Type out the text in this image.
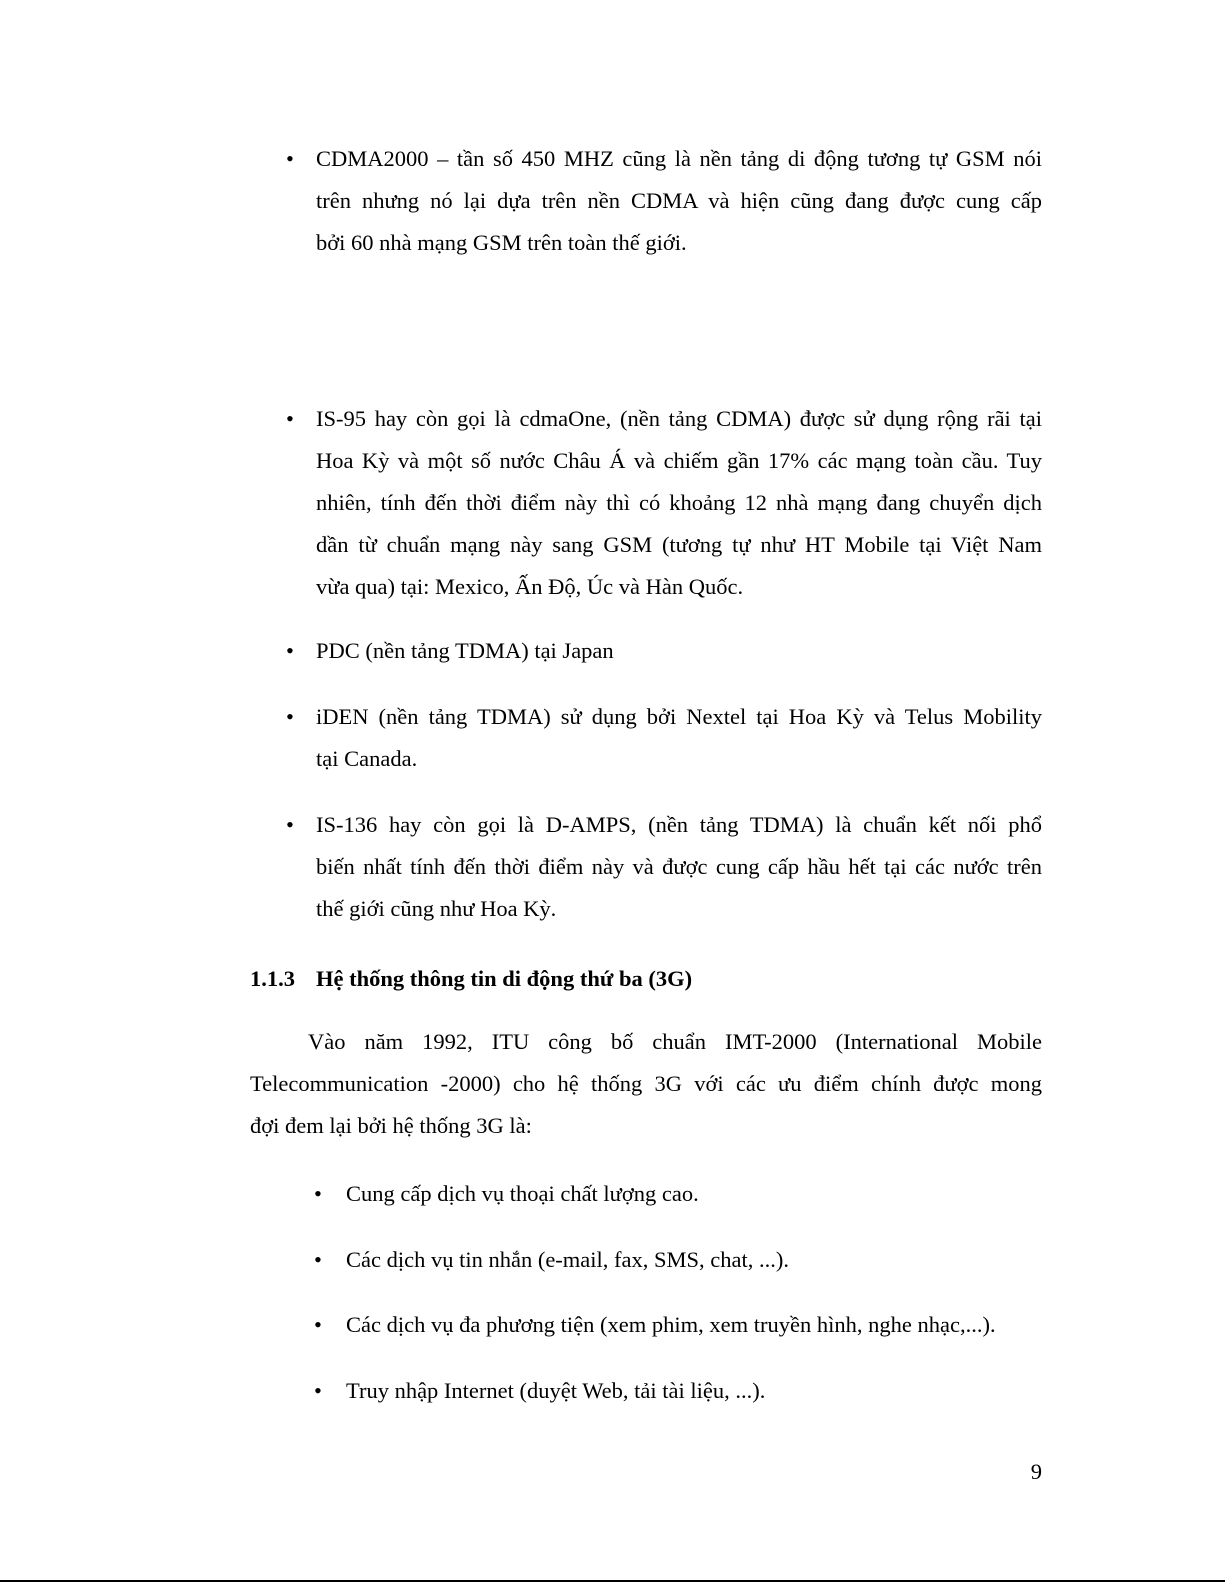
• CDMA2000 – tần số 450 MHZ cũng là nền tảng di động tương tự GSM nói
trên nhưng nó lại dựa trên nền CDMA và hiện cũng đang được cung cấp
bởi 60 nhà mạng GSM trên toàn thế giới.
• IS-95 hay còn gọi là cdmaOne, (nền tảng CDMA) được sử dụng rộng rãi tại
Hoa Kỳ và một số nước Châu Á và chiếm gần 17% các mạng toàn cầu. Tuy
nhiên, tính đến thời điểm này thì có khoảng 12 nhà mạng đang chuyển dịch
dần từ chuẩn mạng này sang GSM (tương tự như HT Mobile tại Việt Nam
vừa qua) tại: Mexico, Ấn Độ, Úc và Hàn Quốc.
• PDC (nền tảng TDMA) tại Japan
• iDEN (nền tảng TDMA) sử dụng bởi Nextel tại Hoa Kỳ và Telus Mobility
tại Canada.
• IS-136 hay còn gọi là D-AMPS, (nền tảng TDMA) là chuẩn kết nối phổ
biến nhất tính đến thời điểm này và được cung cấp hầu hết tại các nước trên
thế giới cũng như Hoa Kỳ.
1.1.3 Hệ thống thông tin di động thứ ba (3G)
Vào năm 1992, ITU công bố chuẩn IMT-2000 (International Mobile
Telecommunication -2000) cho hệ thống 3G với các ưu điểm chính được mong
đợi đem lại bởi hệ thống 3G là:
• Cung cấp dịch vụ thoại chất lượng cao.
• Các dịch vụ tin nhắn (e-mail, fax, SMS, chat, ...).
• Các dịch vụ đa phương tiện (xem phim, xem truyền hình, nghe nhạc,...).
• Truy nhập Internet (duyệt Web, tải tài liệu, ...).
9
